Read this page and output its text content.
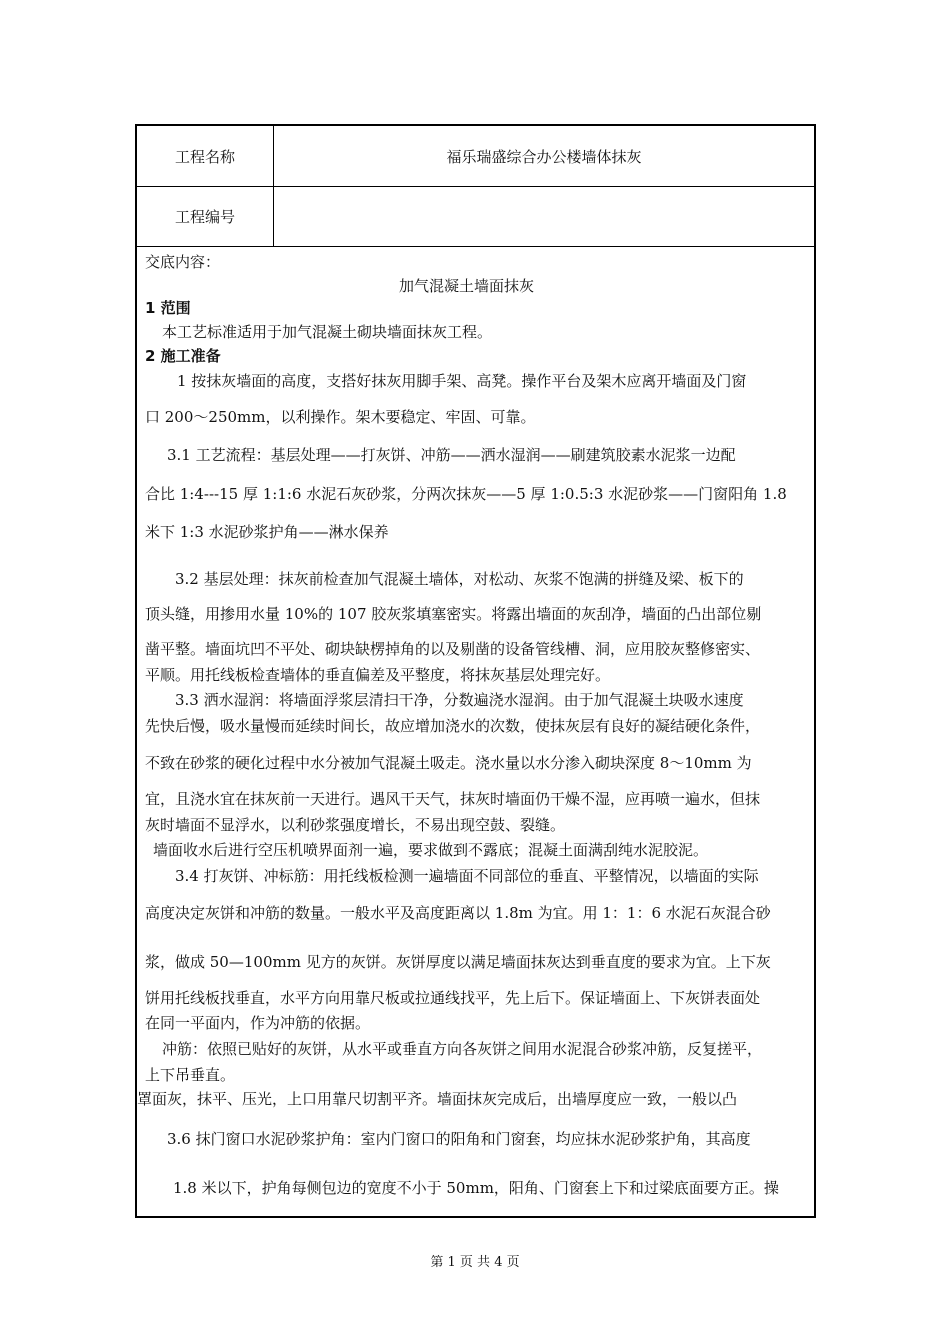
工程名称	福乐瑞盛综合办公楼墙体抹灰
工程编号
交底内容：
加气混凝土墙面抹灰
1 范围
本工艺标准适用于加气混凝土砌块墙面抹灰工程。
2 施工准备
1 按抹灰墙面的高度，支搭好抹灰用脚手架、高凳。操作平台及架木应离开墙面及门窗
口 200～250mm，以利操作。架木要稳定、牢固、可靠。
3.1 工艺流程：基层处理——打灰饼、冲筋——洒水湿润——刷建筑胶素水泥浆一边配
合比 1:4---15 厚 1:1:6 水泥石灰砂浆，分两次抹灰——5 厚 1:0.5:3 水泥砂浆——门窗阳角 1.8
米下 1:3 水泥砂浆护角——淋水保养
3.2 基层处理：抹灰前检查加气混凝土墙体，对松动、灰浆不饱满的拼缝及梁、板下的
顶头缝，用掺用水量 10%的 107 胶灰浆填塞密实。将露出墙面的灰刮净，墙面的凸出部位剔
凿平整。墙面坑凹不平处、砌块缺楞掉角的以及剔凿的设备管线槽、洞，应用胶灰整修密实、
平顺。用托线板检查墙体的垂直偏差及平整度，将抹灰基层处理完好。
3.3 洒水湿润：将墙面浮浆层清扫干净，分数遍浇水湿润。由于加气混凝土块吸水速度
先快后慢，吸水量慢而延续时间长，故应增加浇水的次数，使抹灰层有良好的凝结硬化条件，
不致在砂浆的硬化过程中水分被加气混凝土吸走。浇水量以水分渗入砌块深度 8～10mm 为
宜，且浇水宜在抹灰前一天进行。遇风干天气，抹灰时墙面仍干燥不湿，应再喷一遍水，但抹
灰时墙面不显浮水，以利砂浆强度增长，不易出现空鼓、裂缝。
墙面收水后进行空压机喷界面剂一遍，要求做到不露底；混凝土面满刮纯水泥胶泥。
3.4 打灰饼、冲标筋：用托线板检测一遍墙面不同部位的垂直、平整情况，以墙面的实际
高度决定灰饼和冲筋的数量。一般水平及高度距离以 1.8m 为宜。用 1：1：6 水泥石灰混合砂
浆，做成 50—100mm 见方的灰饼。灰饼厚度以满足墙面抹灰达到垂直度的要求为宜。上下灰
饼用托线板找垂直，水平方向用靠尺板或拉通线找平，先上后下。保证墙面上、下灰饼表面处
在同一平面内，作为冲筋的依据。
冲筋：依照已贴好的灰饼，从水平或垂直方向各灰饼之间用水泥混合砂浆冲筋，反复搓平，
上下吊垂直。
罩面灰，抹平、压光，上口用靠尺切割平齐。墙面抹灰完成后，出墙厚度应一致，一般以凸
3.6 抹门窗口水泥砂浆护角：室内门窗口的阳角和门窗套，均应抹水泥砂浆护角，其高度
1.8 米以下，护角每侧包边的宽度不小于 50mm，阳角、门窗套上下和过梁底面要方正。操
第 1 页 共 4 页
